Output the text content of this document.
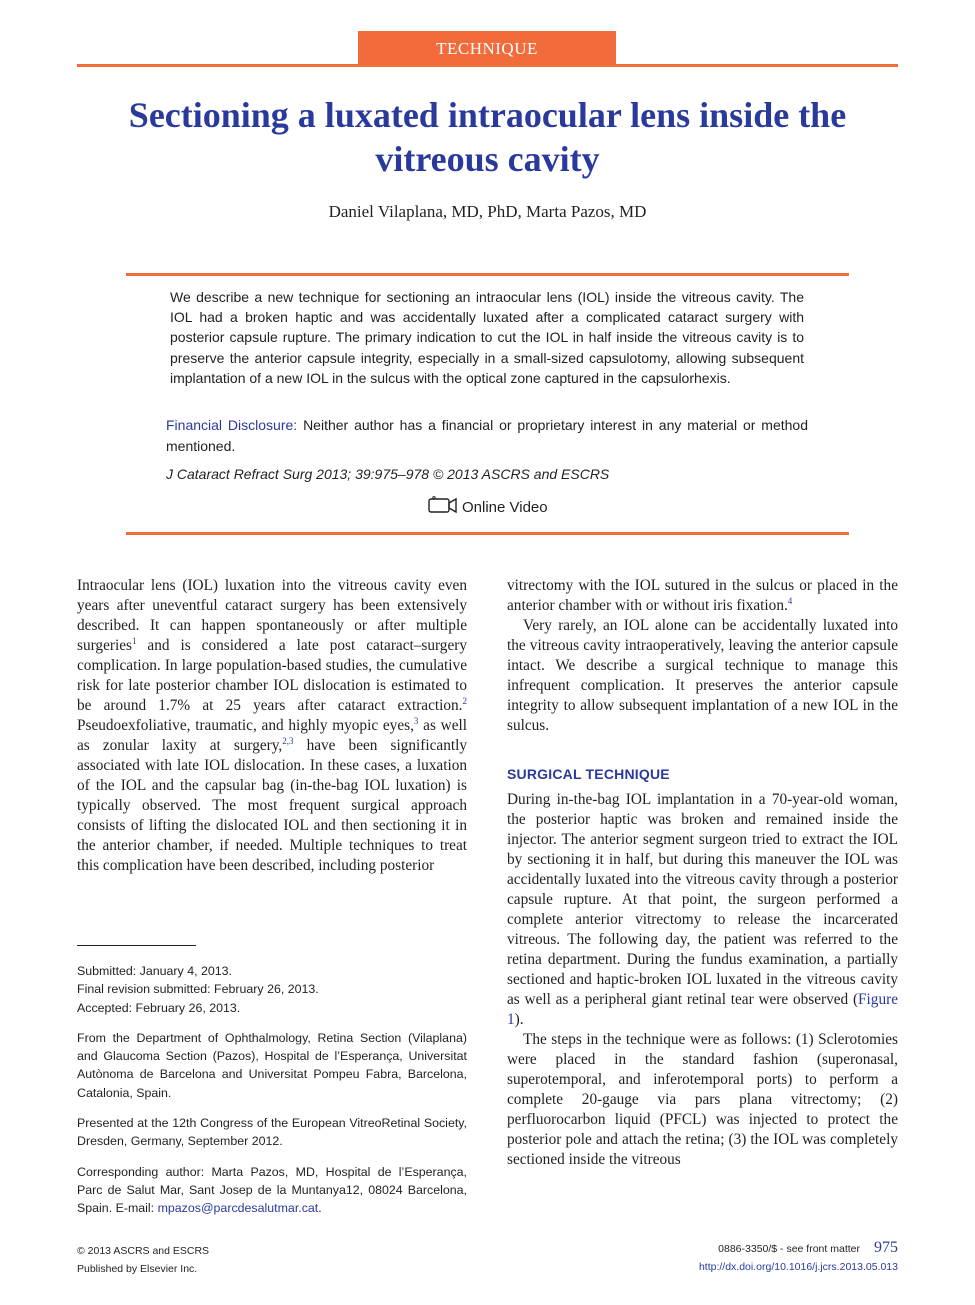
TECHNIQUE
Sectioning a luxated intraocular lens inside the vitreous cavity
Daniel Vilaplana, MD, PhD, Marta Pazos, MD

We describe a new technique for sectioning an intraocular lens (IOL) inside the vitreous cavity. The IOL had a broken haptic and was accidentally luxated after a complicated cataract surgery with posterior capsule rupture. The primary indication to cut the IOL in half inside the vitreous cavity is to preserve the anterior capsule integrity, especially in a small-sized capsulotomy, allowing subsequent implantation of a new IOL in the sulcus with the optical zone captured in the capsulorhexis.

Financial Disclosure: Neither author has a financial or proprietary interest in any material or method mentioned.

J Cataract Refract Surg 2013; 39:975–978 © 2013 ASCRS and ESCRS

Online Video

Intraocular lens (IOL) luxation into the vitreous cavity even years after uneventful cataract surgery has been extensively described. It can happen spontaneously or after multiple surgeries$^1$ and is considered a late post cataract–surgery complication. In large population-based studies, the cumulative risk for late posterior chamber IOL dislocation is estimated to be around 1.7% at 25 years after cataract extraction.$^2$ Pseudoexfoliative, traumatic, and highly myopic eyes,$^3$ as well as zonular laxity at surgery,$^{2,3}$ have been significantly associated with late IOL dislocation. In these cases, a luxation of the IOL and the capsular bag (in-the-bag IOL luxation) is typically observed. The most frequent surgical approach consists of lifting the dislocated IOL and then sectioning it in the anterior chamber, if needed. Multiple techniques to treat this complication have been described, including posterior

Submitted: January 4, 2013.
Final revision submitted: February 26, 2013.
Accepted: February 26, 2013.
From the Department of Ophthalmology, Retina Section (Vilaplana) and Glaucoma Section (Pazos), Hospital de l’Esperança, Universitat Autònoma de Barcelona and Universitat Pompeu Fabra, Barcelona, Catalonia, Spain.
Presented at the 12th Congress of the European VitreoRetinal Society, Dresden, Germany, September 2012.
Corresponding author: Marta Pazos, MD, Hospital de l’Esperança, Parc de Salut Mar, Sant Josep de la Muntanya12, 08024 Barcelona, Spain. E-mail: mpazos@parcdesalutmar.cat.

vitrectomy with the IOL sutured in the sulcus or placed in the anterior chamber with or without iris fixation.$^4$

Very rarely, an IOL alone can be accidentally luxated into the vitreous cavity intraoperatively, leaving the anterior capsule intact. We describe a surgical technique to manage this infrequent complication. It preserves the anterior capsule integrity to allow subsequent implantation of a new IOL in the sulcus.

SURGICAL TECHNIQUE

During in-the-bag IOL implantation in a 70-year-old woman, the posterior haptic was broken and remained inside the injector. The anterior segment surgeon tried to extract the IOL by sectioning it in half, but during this maneuver the IOL was accidentally luxated into the vitreous cavity through a posterior capsule rupture. At that point, the surgeon performed a complete anterior vitrectomy to release the incarcerated vitreous. The following day, the patient was referred to the retina department. During the fundus examination, a partially sectioned and haptic-broken IOL luxated in the vitreous cavity as well as a peripheral giant retinal tear were observed (Figure 1).

The steps in the technique were as follows: (1) Sclerotomies were placed in the standard fashion (superonasal, superotemporal, and inferotemporal ports) to perform a complete 20-gauge via pars plana vitrectomy; (2) perfluorocarbon liquid (PFCL) was injected to protect the posterior pole and attach the retina; (3) the IOL was completely sectioned inside the vitreous

© 2013 ASCRS and ESCRS
Published by Elsevier Inc.
0886-3350/$ - see front matter 975
http://dx.doi.org/10.1016/j.jcrs.2013.05.013
